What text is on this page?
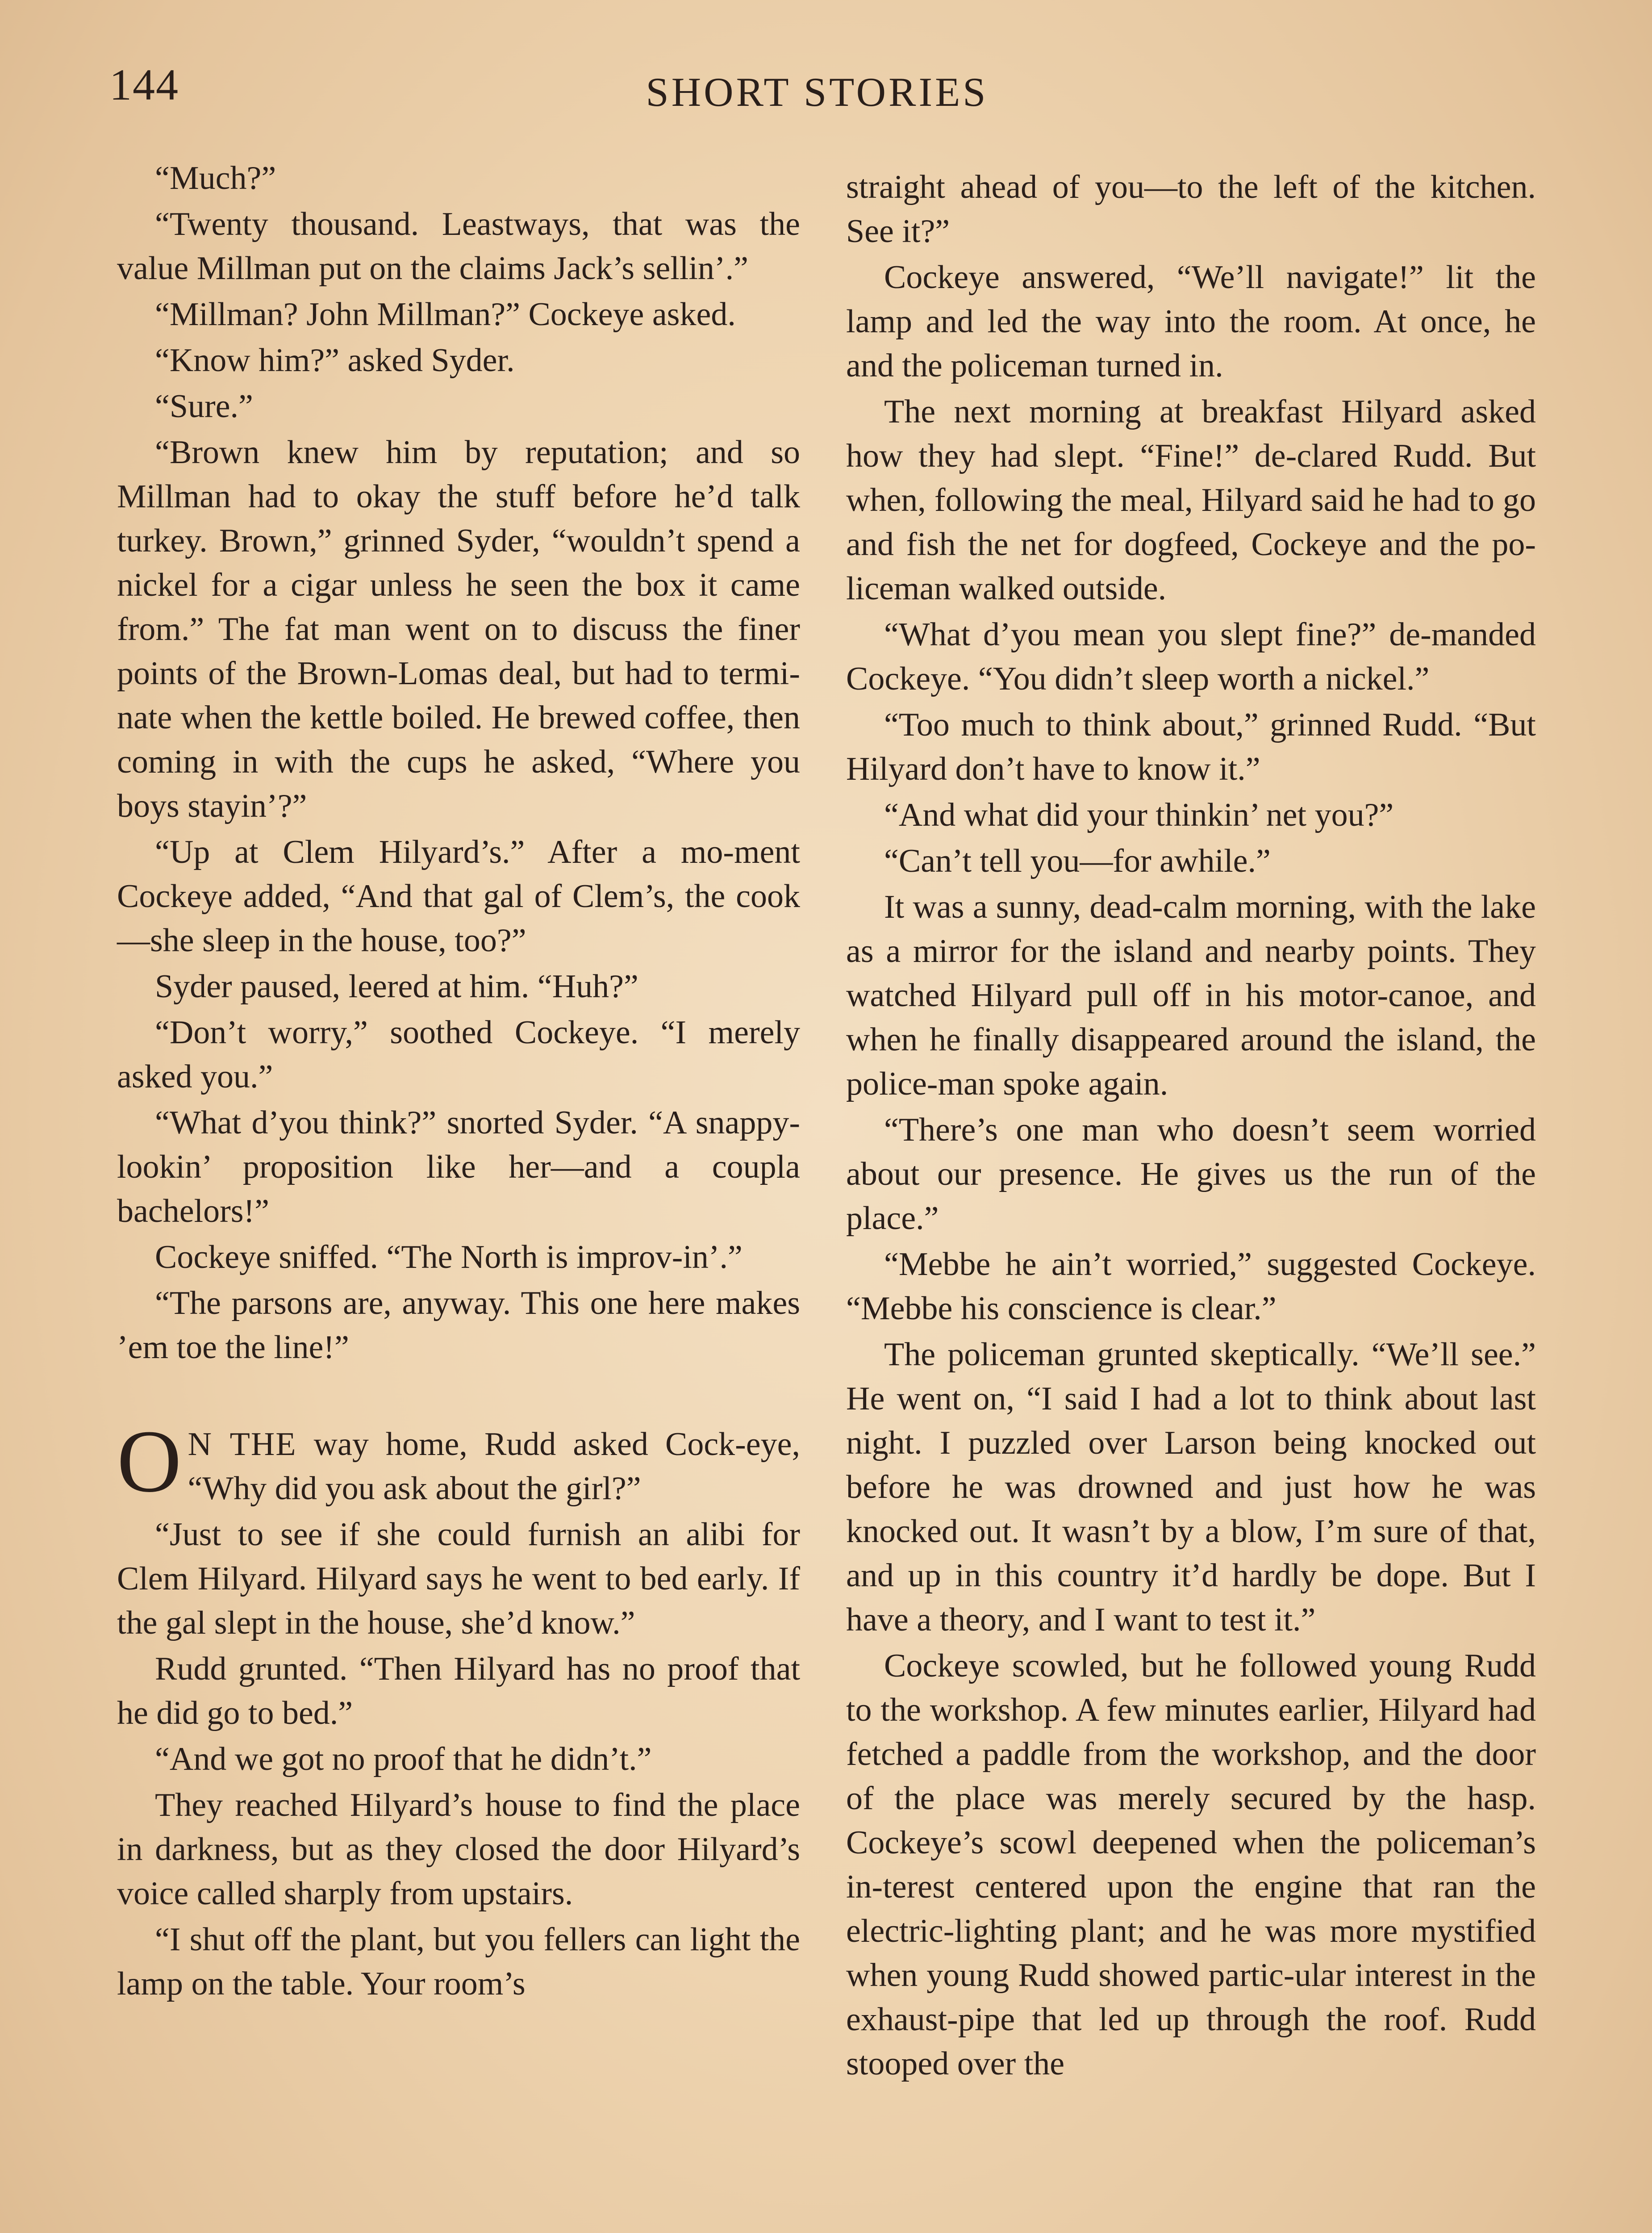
144	SHORT STORIES

“Much?”

“Twenty thousand. Leastways, that was the value Millman put on the claims Jack’s sellin’.”

“Millman? John Millman?” Cockeye asked.

“Know him?” asked Syder.

“Sure.”

“Brown knew him by reputation; and so Millman had to okay the stuff before he’d talk turkey. Brown,” grinned Syder, “wouldn’t spend a nickel for a cigar unless he seen the box it came from.” The fat man went on to discuss the finer points of the Brown-Lomas deal, but had to termi-nate when the kettle boiled. He brewed coffee, then coming in with the cups he asked, “Where you boys stayin’?”

“Up at Clem Hilyard’s.” After a mo-ment Cockeye added, “And that gal of Clem’s, the cook—she sleep in the house, too?”

Syder paused, leered at him. “Huh?”

“Don’t worry,” soothed Cockeye. “I merely asked you.”

“What d’you think?” snorted Syder. “A snappy-lookin’ proposition like her—and a coupla bachelors!”

Cockeye sniffed. “The North is improv-in’.”

“The parsons are, anyway. This one here makes ’em toe the line!”

O N THE way home, Rudd asked Cock-eye, “Why did you ask about the girl?”

“Just to see if she could furnish an alibi for Clem Hilyard. Hilyard says he went to bed early. If the gal slept in the house, she’d know.”

Rudd grunted. “Then Hilyard has no proof that he did go to bed.”

“And we got no proof that he didn’t.”

They reached Hilyard’s house to find the place in darkness, but as they closed the door Hilyard’s voice called sharply from upstairs.

“I shut off the plant, but you fellers can light the lamp on the table. Your room’s

straight ahead of you—to the left of the kitchen. See it?”

Cockeye answered, “We’ll navigate!” lit the lamp and led the way into the room. At once, he and the policeman turned in.

The next morning at breakfast Hilyard asked how they had slept. “Fine!” de-clared Rudd. But when, following the meal, Hilyard said he had to go and fish the net for dogfeed, Cockeye and the po-liceman walked outside.

“What d’you mean you slept fine?” de-manded Cockeye. “You didn’t sleep worth a nickel.”

“Too much to think about,” grinned Rudd. “But Hilyard don’t have to know it.”

“And what did your thinkin’ net you?”

“Can’t tell you—for awhile.”

It was a sunny, dead-calm morning, with the lake as a mirror for the island and nearby points. They watched Hilyard pull off in his motor-canoe, and when he finally disappeared around the island, the police-man spoke again.

“There’s one man who doesn’t seem worried about our presence. He gives us the run of the place.”

“Mebbe he ain’t worried,” suggested Cockeye. “Mebbe his conscience is clear.”

The policeman grunted skeptically. “We’ll see.” He went on, “I said I had a lot to think about last night. I puzzled over Larson being knocked out before he was drowned and just how he was knocked out. It wasn’t by a blow, I’m sure of that, and up in this country it’d hardly be dope. But I have a theory, and I want to test it.”

Cockeye scowled, but he followed young Rudd to the workshop. A few minutes earlier, Hilyard had fetched a paddle from the workshop, and the door of the place was merely secured by the hasp. Cockeye’s scowl deepened when the policeman’s in-terest centered upon the engine that ran the electric-lighting plant; and he was more mystified when young Rudd showed partic-ular interest in the exhaust-pipe that led up through the roof. Rudd stooped over the
